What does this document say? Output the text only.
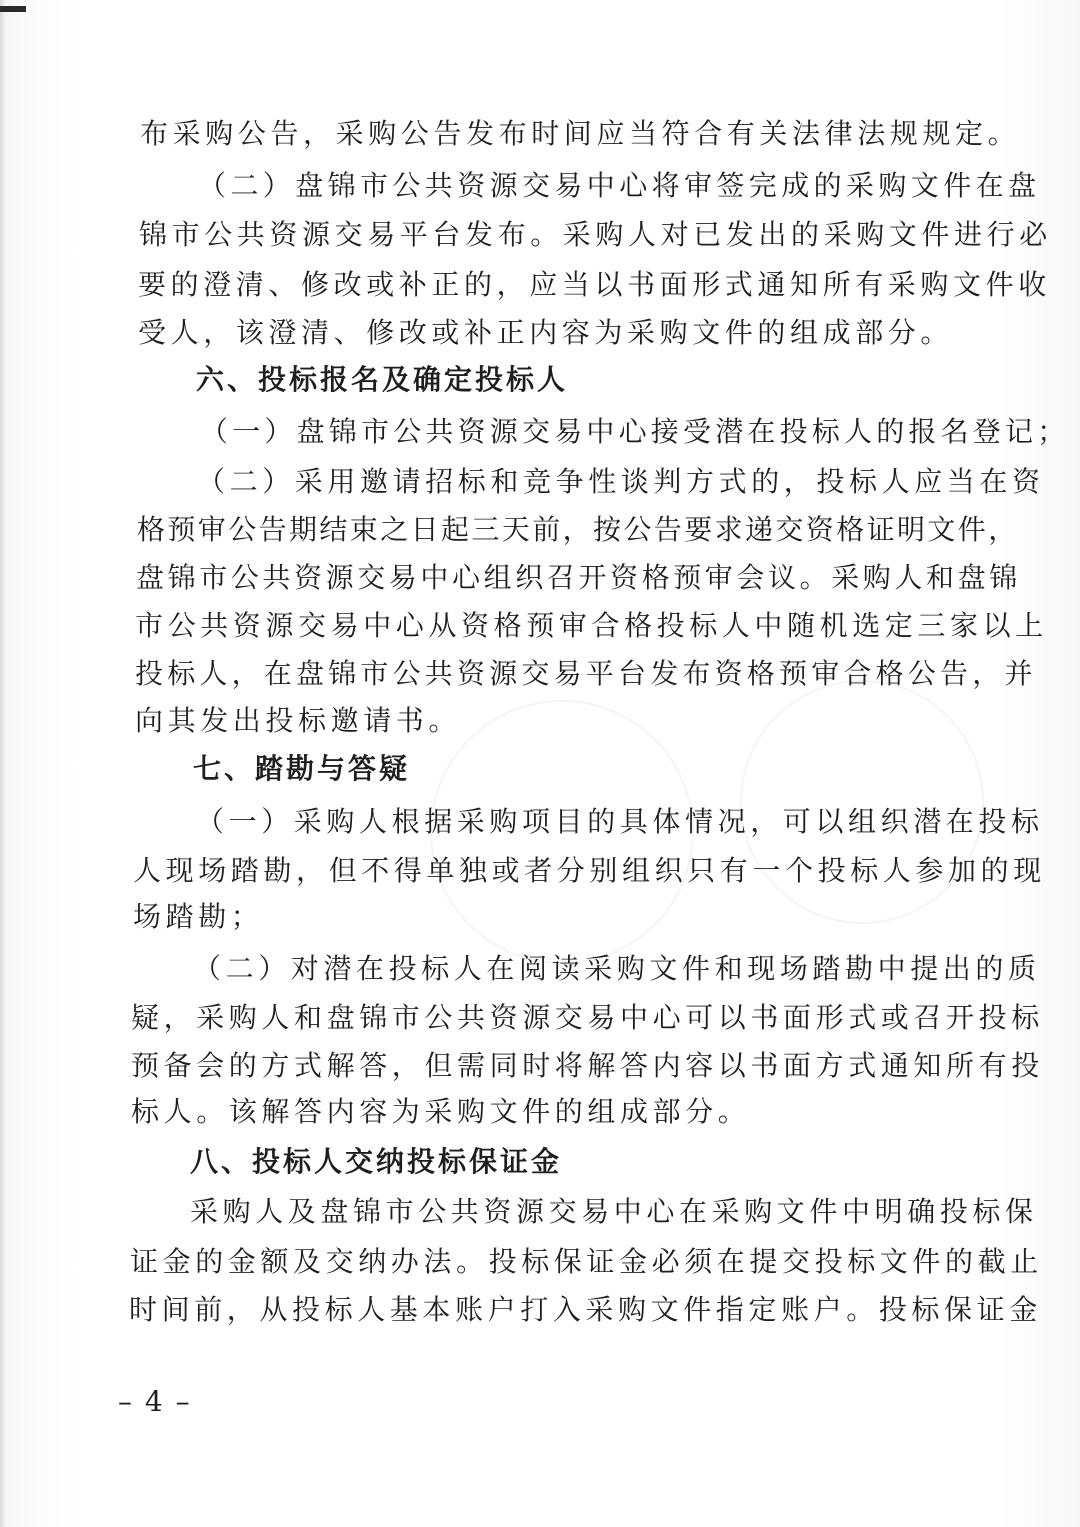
布采购公告，采购公告发布时间应当符合有关法律法规规定。
（二）盘锦市公共资源交易中心将审签完成的采购文件在盘
锦市公共资源交易平台发布。采购人对已发出的采购文件进行必
要的澄清、修改或补正的，应当以书面形式通知所有采购文件收
受人，该澄清、修改或补正内容为采购文件的组成部分。
六、投标报名及确定投标人
（一）盘锦市公共资源交易中心接受潜在投标人的报名登记；
（二）采用邀请招标和竞争性谈判方式的，投标人应当在资
格预审公告期结束之日起三天前，按公告要求递交资格证明文件，
盘锦市公共资源交易中心组织召开资格预审会议。采购人和盘锦
市公共资源交易中心从资格预审合格投标人中随机选定三家以上
投标人，在盘锦市公共资源交易平台发布资格预审合格公告，并
向其发出投标邀请书。
七、踏勘与答疑
（一）采购人根据采购项目的具体情况，可以组织潜在投标
人现场踏勘，但不得单独或者分别组织只有一个投标人参加的现
场踏勘；
（二）对潜在投标人在阅读采购文件和现场踏勘中提出的质
疑，采购人和盘锦市公共资源交易中心可以书面形式或召开投标
预备会的方式解答，但需同时将解答内容以书面方式通知所有投
标人。该解答内容为采购文件的组成部分。
八、投标人交纳投标保证金
采购人及盘锦市公共资源交易中心在采购文件中明确投标保
证金的金额及交纳办法。投标保证金必须在提交投标文件的截止
时间前，从投标人基本账户打入采购文件指定账户。投标保证金
– 4 –
